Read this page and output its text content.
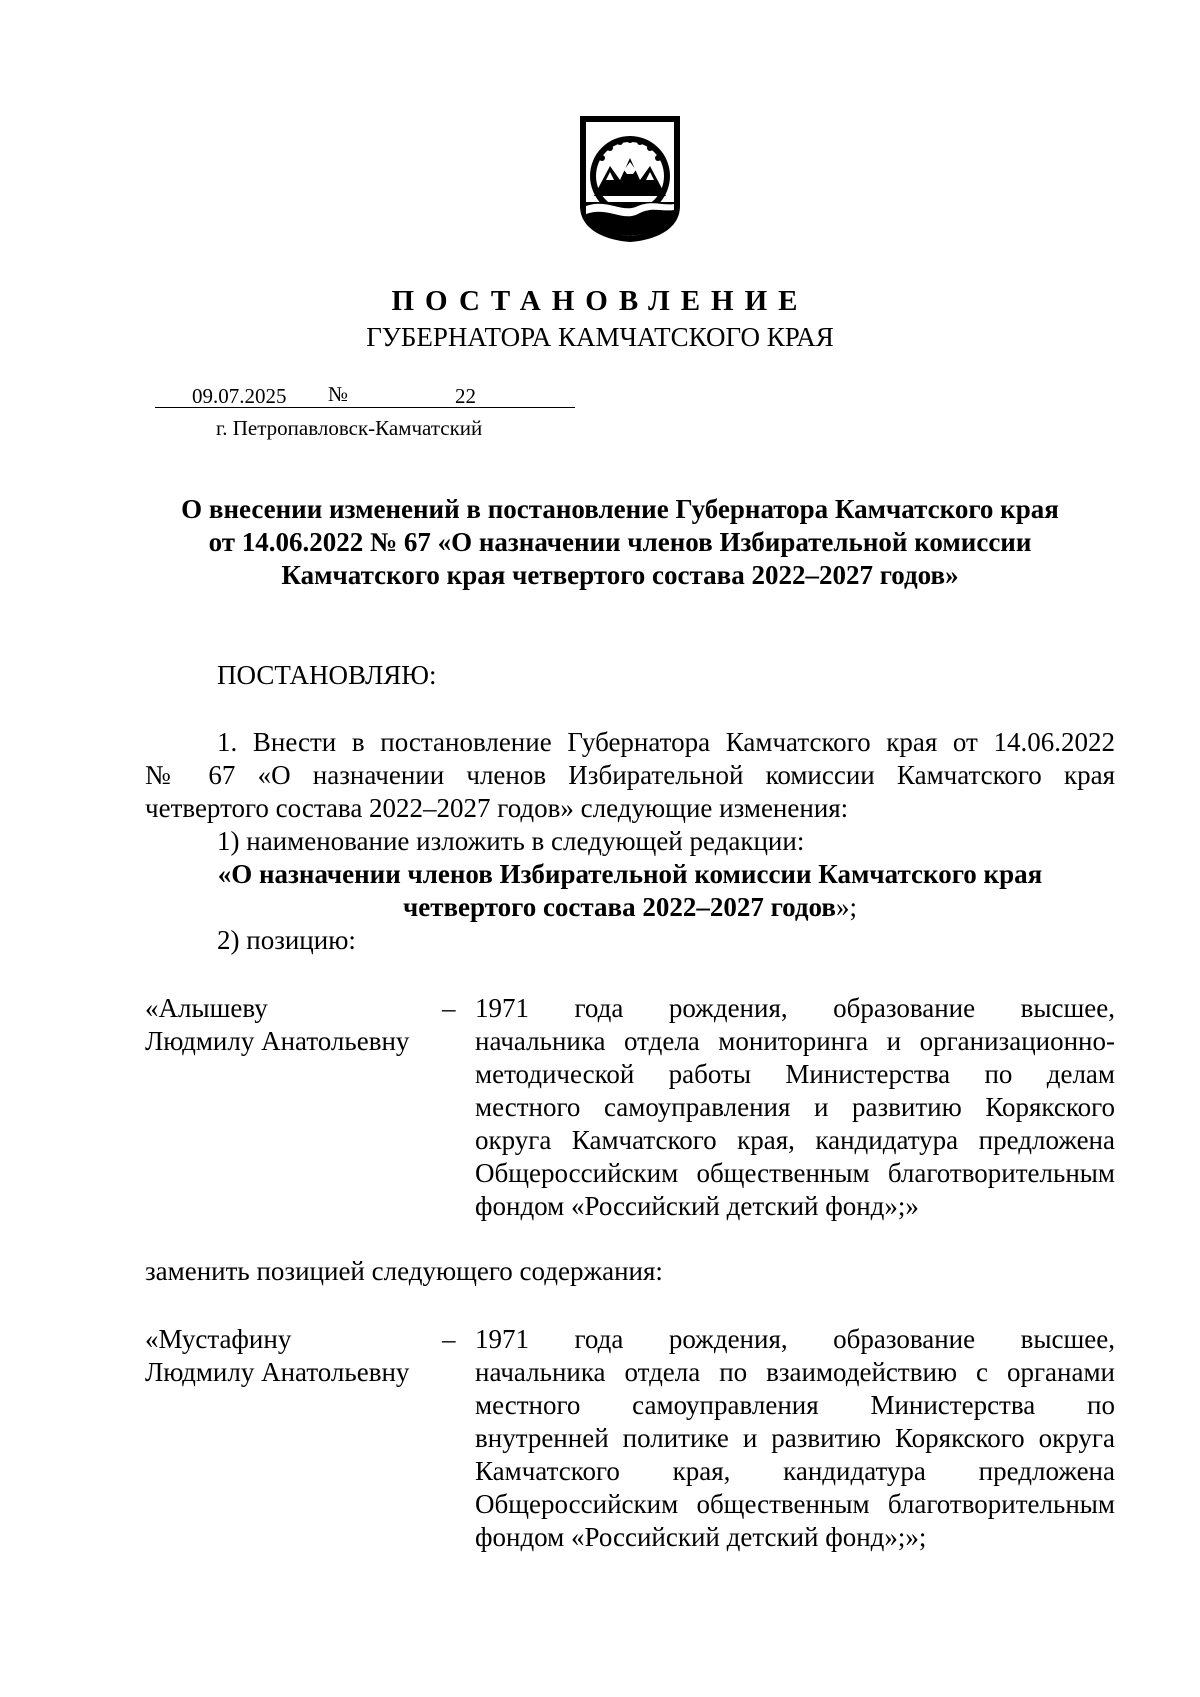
ПОСТАНОВЛЕНИЕ
ГУБЕРНАТОРА КАМЧАТСКОГО КРАЯ
09.07.2025 №	22
г. Петропавловск-Камчатский
О внесении изменений в постановление Губернатора Камчатского края
от 14.06.2022 № 67 «О назначении членов Избирательной комиссии
Камчатского края четвертого состава 2022–2027 годов»
ПОСТАНОВЛЯЮ:
1. Внести в постановление Губернатора Камчатского края от 14.06.2022
№ 67 «О назначении членов Избирательной комиссии Камчатского края
четвертого состава 2022–2027 годов» следующие изменения:
1) наименование изложить в следующей редакции:
«О назначении членов Избирательной комиссии Камчатского края
четвертого состава 2022–2027 годов»;
2) позицию:
«Алышеву
Людмилу Анатольевну
– 1971 года рождения, образование высшее,
начальника отдела мониторинга и организационно-
методической работы Министерства по делам
местного самоуправления и развитию Корякского
округа Камчатского края, кандидатура предложена
Общероссийским общественным благотворительным
фондом «Российский детский фонд»;»
заменить позицией следующего содержания:
«Мустафину
Людмилу Анатольевну
– 1971 года рождения, образование высшее,
начальника отдела по взаимодействию с органами
местного самоуправления Министерства по
внутренней политике и развитию Корякского округа
Камчатского края, кандидатура предложена
Общероссийским общественным благотворительным
фондом «Российский детский фонд»;»;
